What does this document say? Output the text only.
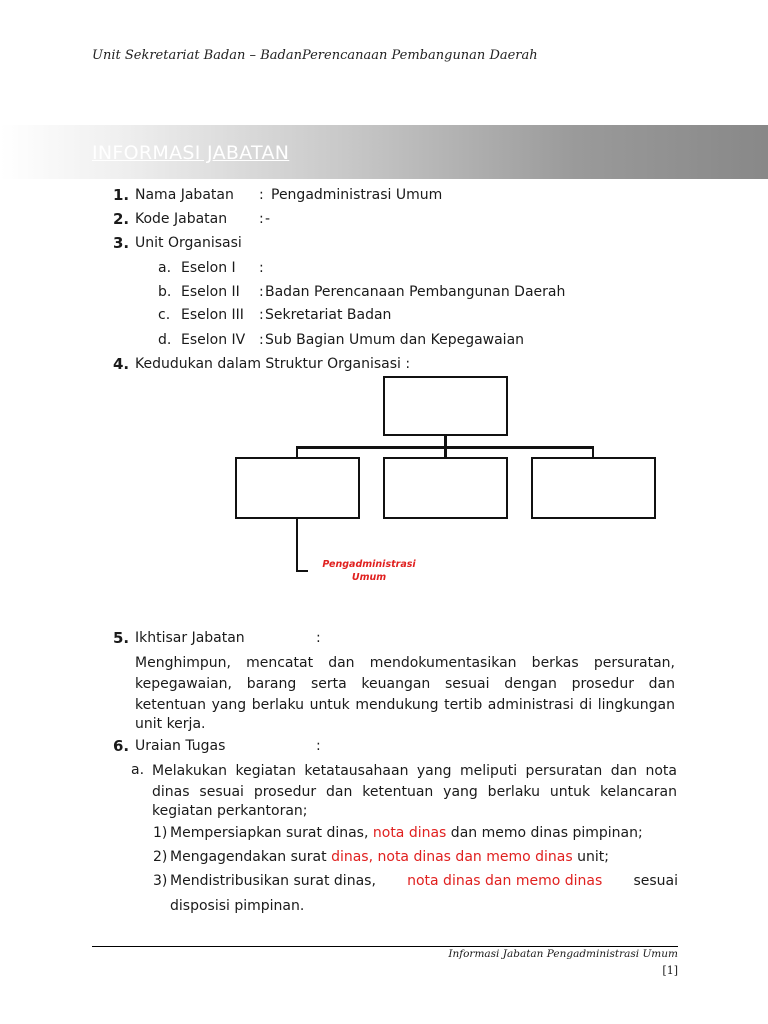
Unit Sekretariat Badan – BadanPerencanaan Pembangunan Daerah
INFORMASI JABATAN
1. Nama Jabatan : Pengadministrasi Umum
2. Kode Jabatan : -
3. Unit Organisasi
a. Eselon I :
b. Eselon II : Badan Perencanaan Pembangunan Daerah
c. Eselon III : Sekretariat Badan
d. Eselon IV : Sub Bagian Umum dan Kepegawaian
4. Kedudukan dalam Struktur Organisasi :
Pengadministrasi
Umum
5. Ikhtisar Jabatan	:
Menghimpun, mencatat dan mendokumentasikan berkas persuratan,
kepegawaian, barang serta keuangan sesuai dengan prosedur dan
ketentuan yang berlaku untuk mendukung tertib administrasi di lingkungan
unit kerja.
6. Uraian Tugas	:
a. Melakukan kegiatan ketatausahaan yang meliputi persuratan dan nota
dinas sesuai prosedur dan ketentuan yang berlaku untuk kelancaran
kegiatan perkantoran;
1) Mempersiapkan surat dinas, nota dinas dan memo dinas pimpinan;
2) Mengagendakan surat dinas, nota dinas dan memo dinas unit;
3) Mendistribusikan surat dinas, nota dinas dan memo dinas sesuai
disposisi pimpinan.
Informasi Jabatan Pengadministrasi Umum
[1]
